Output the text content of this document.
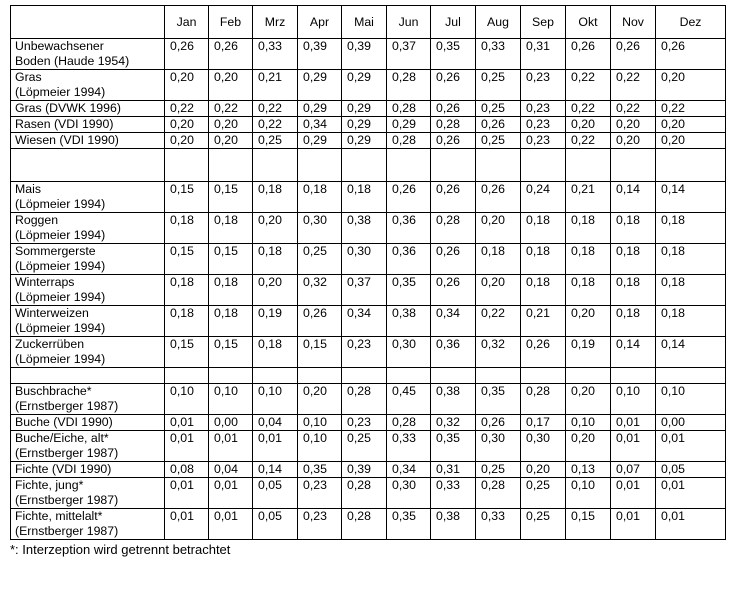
	Jan	Feb	Mrz	Apr	Mai	Jun	Jul	Aug	Sep	Okt	Nov	Dez

Unbewachsener
Boden (Haude 1954)	0,26	0,26	0,33	0,39	0,39	0,37	0,35	0,33	0,31	0,26	0,26	0,26

Gras
(Löpmeier 1994)	0,20	0,20	0,21	0,29	0,29	0,28	0,26	0,25	0,23	0,22	0,22	0,20

Gras (DVWK 1996)	0,22	0,22	0,22	0,29	0,29	0,28	0,26	0,25	0,23	0,22	0,22	0,22

Rasen (VDI 1990)	0,20	0,20	0,22	0,34	0,29	0,29	0,28	0,26	0,23	0,20	0,20	0,20

Wiesen (VDI 1990)	0,20	0,20	0,25	0,29	0,29	0,28	0,26	0,25	0,23	0,22	0,20	0,20

Mais
(Löpmeier 1994)	0,15	0,15	0,18	0,18	0,18	0,26	0,26	0,26	0,24	0,21	0,14	0,14

Roggen
(Löpmeier 1994)	0,18	0,18	0,20	0,30	0,38	0,36	0,28	0,20	0,18	0,18	0,18	0,18

Sommergerste
(Löpmeier 1994)	0,15	0,15	0,18	0,25	0,30	0,36	0,26	0,18	0,18	0,18	0,18	0,18

Winterraps
(Löpmeier 1994)	0,18	0,18	0,20	0,32	0,37	0,35	0,26	0,20	0,18	0,18	0,18	0,18

Winterweizen
(Löpmeier 1994)	0,18	0,18	0,19	0,26	0,34	0,38	0,34	0,22	0,21	0,20	0,18	0,18

Zuckerrüben
(Löpmeier 1994)	0,15	0,15	0,18	0,15	0,23	0,30	0,36	0,32	0,26	0,19	0,14	0,14

Buschbrache*
(Ernstberger 1987)	0,10	0,10	0,10	0,20	0,28	0,45	0,38	0,35	0,28	0,20	0,10	0,10

Buche (VDI 1990)	0,01	0,00	0,04	0,10	0,23	0,28	0,32	0,26	0,17	0,10	0,01	0,00

Buche/Eiche, alt*
(Ernstberger 1987)	0,01	0,01	0,01	0,10	0,25	0,33	0,35	0,30	0,30	0,20	0,01	0,01

Fichte (VDI 1990)	0,08	0,04	0,14	0,35	0,39	0,34	0,31	0,25	0,20	0,13	0,07	0,05

Fichte, jung*
(Ernstberger 1987)	0,01	0,01	0,05	0,23	0,28	0,30	0,33	0,28	0,25	0,10	0,01	0,01

Fichte, mittelalt*
(Ernstberger 1987)	0,01	0,01	0,05	0,23	0,28	0,35	0,38	0,33	0,25	0,15	0,01	0,01
*: Interzeption wird getrennt betrachtet
